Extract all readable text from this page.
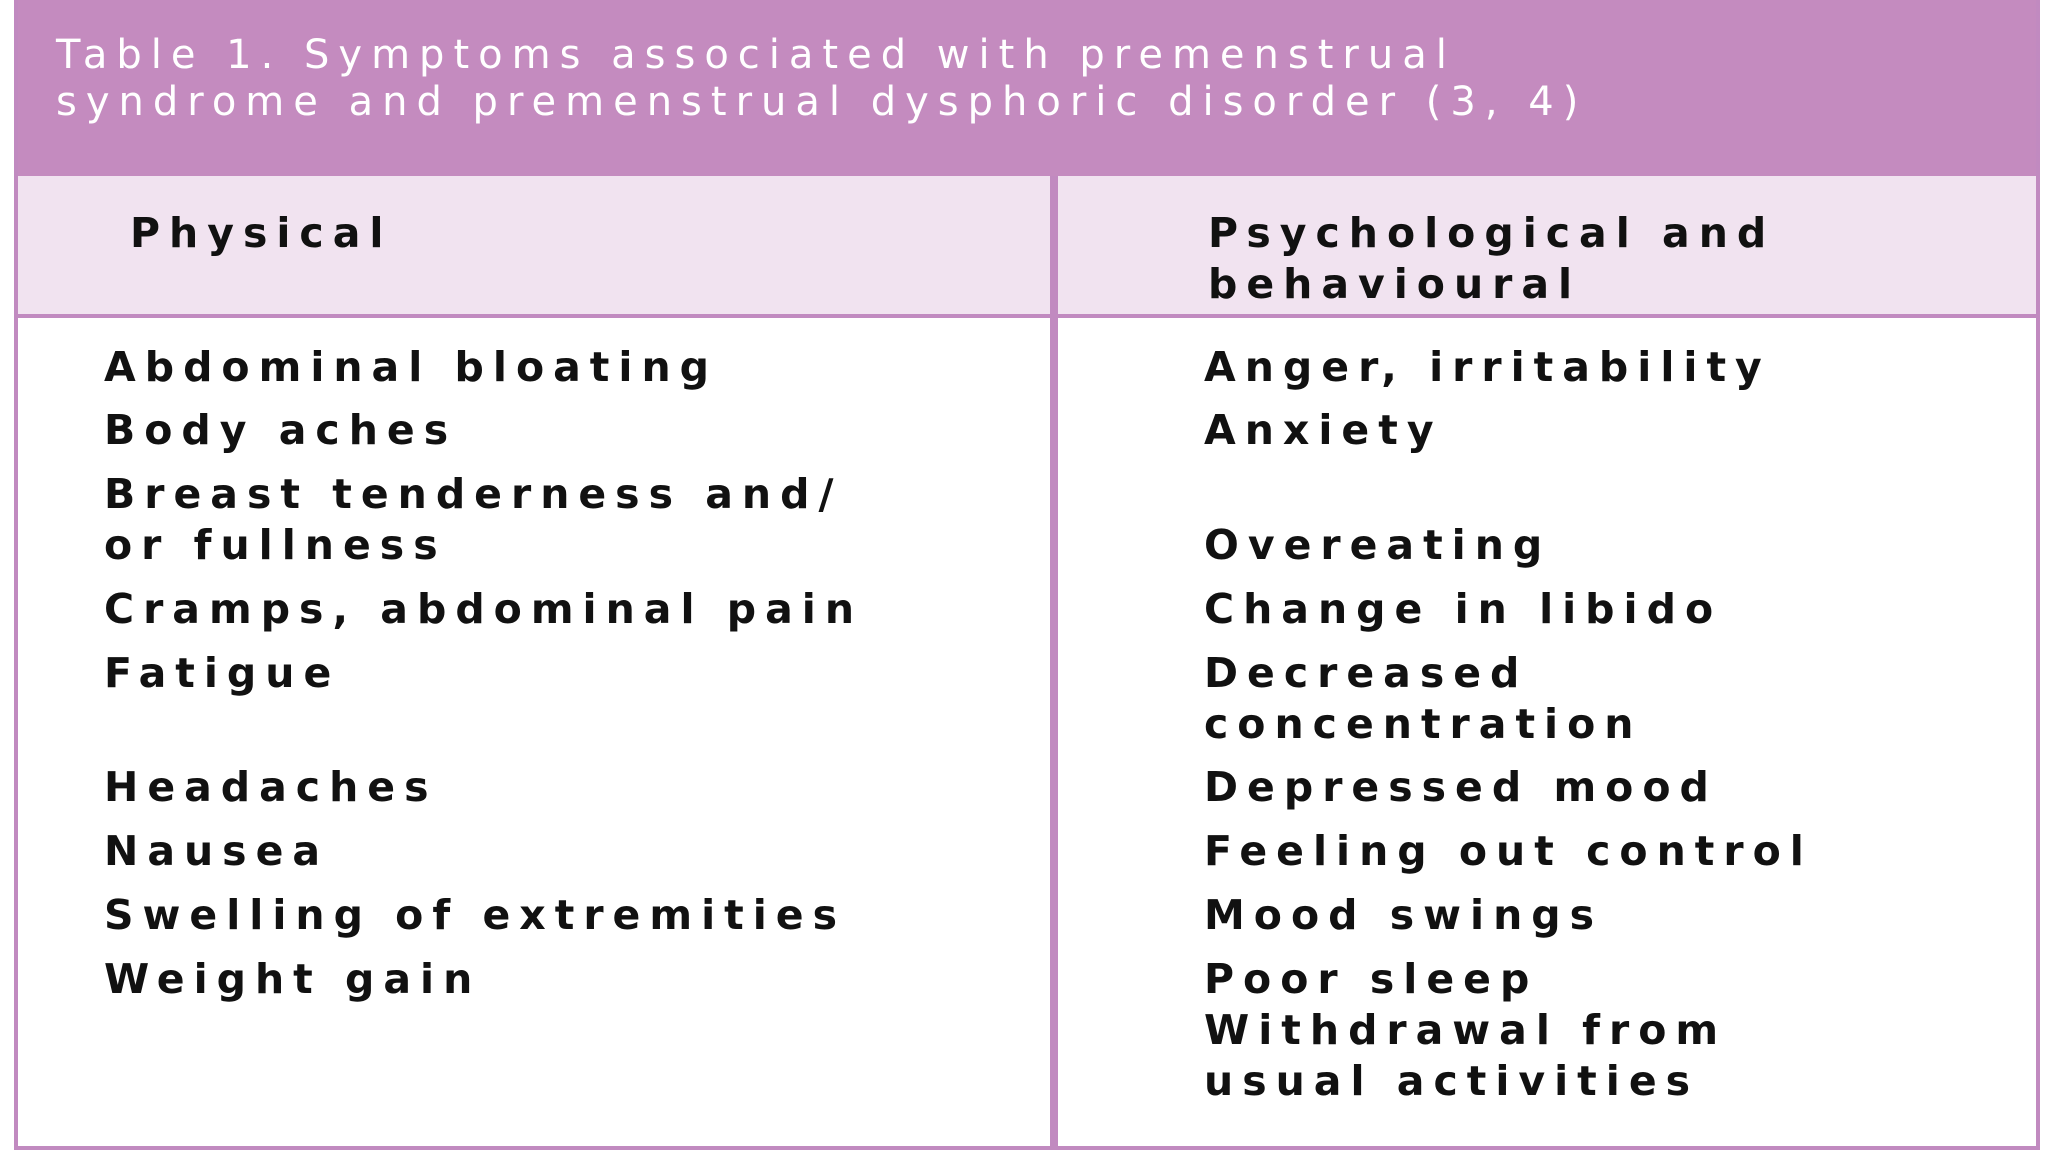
Table 1. Symptoms associated with premenstrual
syndrome and premenstrual dysphoric disorder (3, 4)
Physical
Abdominal bloating
Body aches
Breast tenderness and/
or fullness
Cramps, abdominal pain
Fatigue
Headaches
Nausea
Swelling of extremities
Weight gain
Psychological and
behavioural
Anger, irritability
Anxiety
Overeating
Change in libido
Decreased
concentration
Depressed mood
Feeling out control
Mood swings
Poor sleep
Withdrawal from
usual activities
